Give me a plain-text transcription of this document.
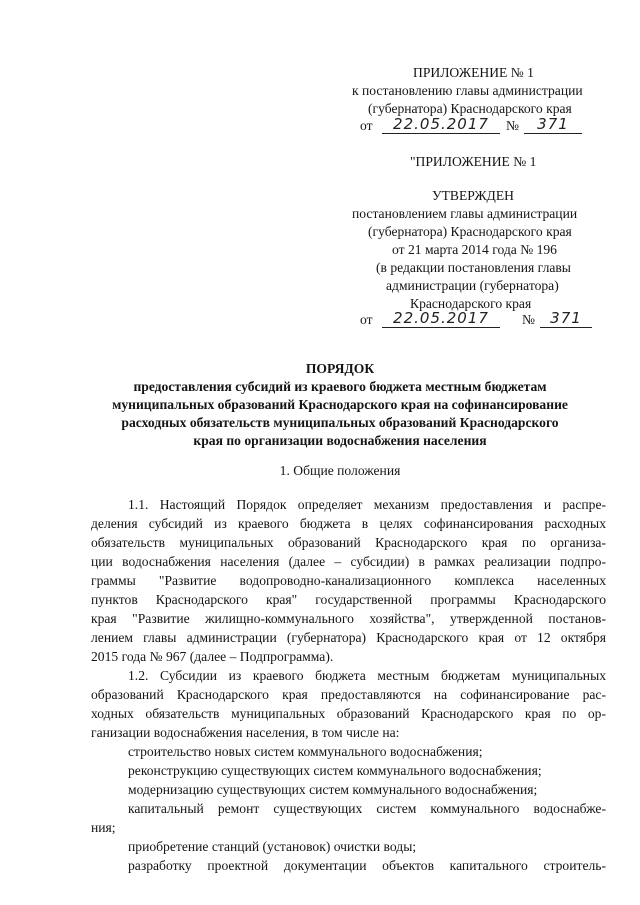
ПРИЛОЖЕНИЕ № 1
к постановлению главы администрации
(губернатора) Краснодарского края
от	22.05.2017	№	371
"ПРИЛОЖЕНИЕ № 1
УТВЕРЖДЕН
постановлением главы администрации
(губернатора) Краснодарского края
от 21 марта 2014 года № 196
(в редакции постановления главы
администрации (губернатора)
Краснодарского края
от	22.05.2017	№	371
ПОРЯДОК
предоставления субсидий из краевого бюджета местным бюджетам
муниципальных образований Краснодарского края на софинансирование
расходных обязательств муниципальных образований Краснодарского
края по организации водоснабжения населения
1. Общие положения
1.1. Настоящий Порядок определяет механизм предоставления и распре-
деления субсидий из краевого бюджета в целях софинансирования расходных
обязательств муниципальных образований Краснодарского края по организа-
ции водоснабжения населения (далее – субсидии) в рамках реализации подпро-
граммы "Развитие водопроводно-канализационного комплекса населенных
пунктов Краснодарского края" государственной программы Краснодарского
края "Развитие жилищно-коммунального хозяйства", утвержденной постанов-
лением главы администрации (губернатора) Краснодарского края от 12 октября
2015 года № 967 (далее – Подпрограмма).
1.2. Субсидии из краевого бюджета местным бюджетам муниципальных
образований Краснодарского края предоставляются на софинансирование рас-
ходных обязательств муниципальных образований Краснодарского края по ор-
ганизации водоснабжения населения, в том числе на:
строительство новых систем коммунального водоснабжения;
реконструкцию существующих систем коммунального водоснабжения;
модернизацию существующих систем коммунального водоснабжения;
капитальный ремонт существующих систем коммунального водоснабже-
ния;
приобретение станций (установок) очистки воды;
разработку проектной документации объектов капитального строитель-
